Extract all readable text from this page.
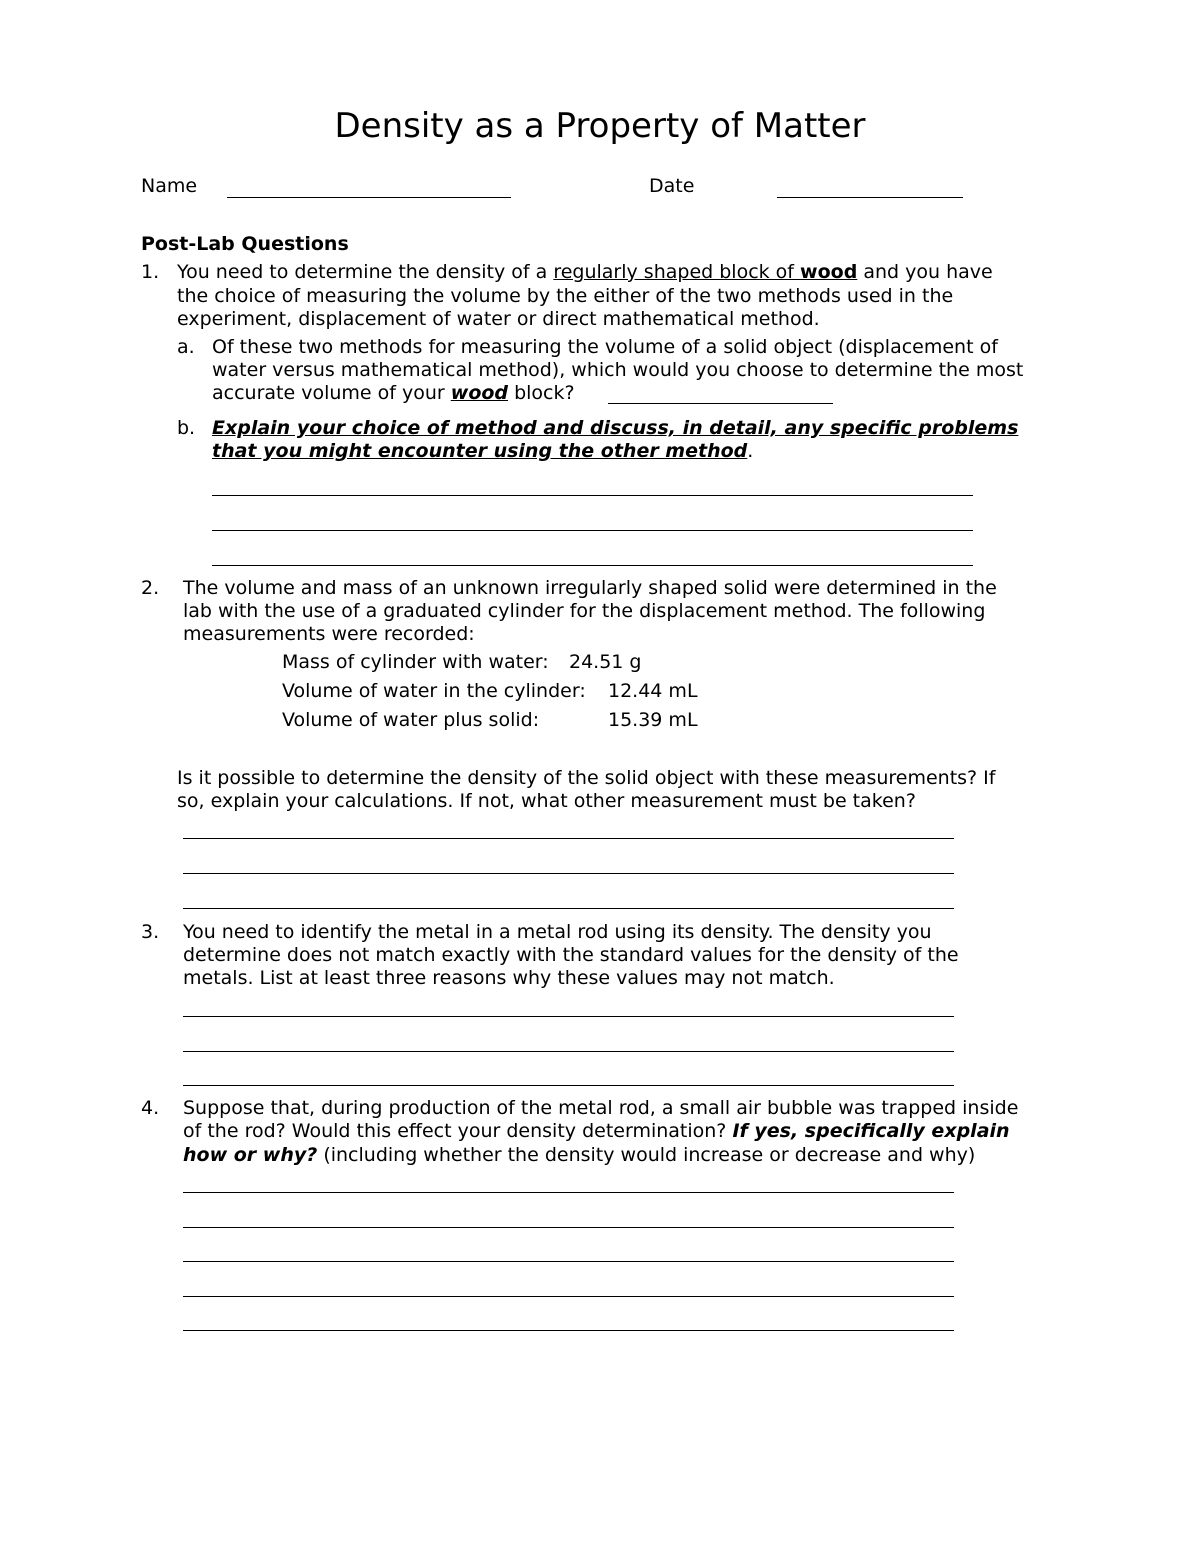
Density as a Property of Matter
Name	Date
Post-Lab Questions
1. You need to determine the density of a regularly shaped block of wood and you have
the choice of measuring the volume by the either of the two methods used in the
experiment, displacement of water or direct mathematical method.
a. Of these two methods for measuring the volume of a solid object (displacement of
water versus mathematical method), which would you choose to determine the most
accurate volume of your wood block?
b. Explain your choice of method and discuss, in detail, any specific problems
that you might encounter using the other method.
2. The volume and mass of an unknown irregularly shaped solid were determined in the
lab with the use of a graduated cylinder for the displacement method. The following
measurements were recorded:
Mass of cylinder with water: 24.51 g
Volume of water in the cylinder: 12.44 mL
Volume of water plus solid:	15.39 mL
Is it possible to determine the density of the solid object with these measurements? If
so, explain your calculations. If not, what other measurement must be taken?
3. You need to identify the metal in a metal rod using its density. The density you
determine does not match exactly with the standard values for the density of the
metals. List at least three reasons why these values may not match.
4. Suppose that, during production of the metal rod, a small air bubble was trapped inside
of the rod? Would this effect your density determination? If yes, specifically explain
how or why? (including whether the density would increase or decrease and why)
